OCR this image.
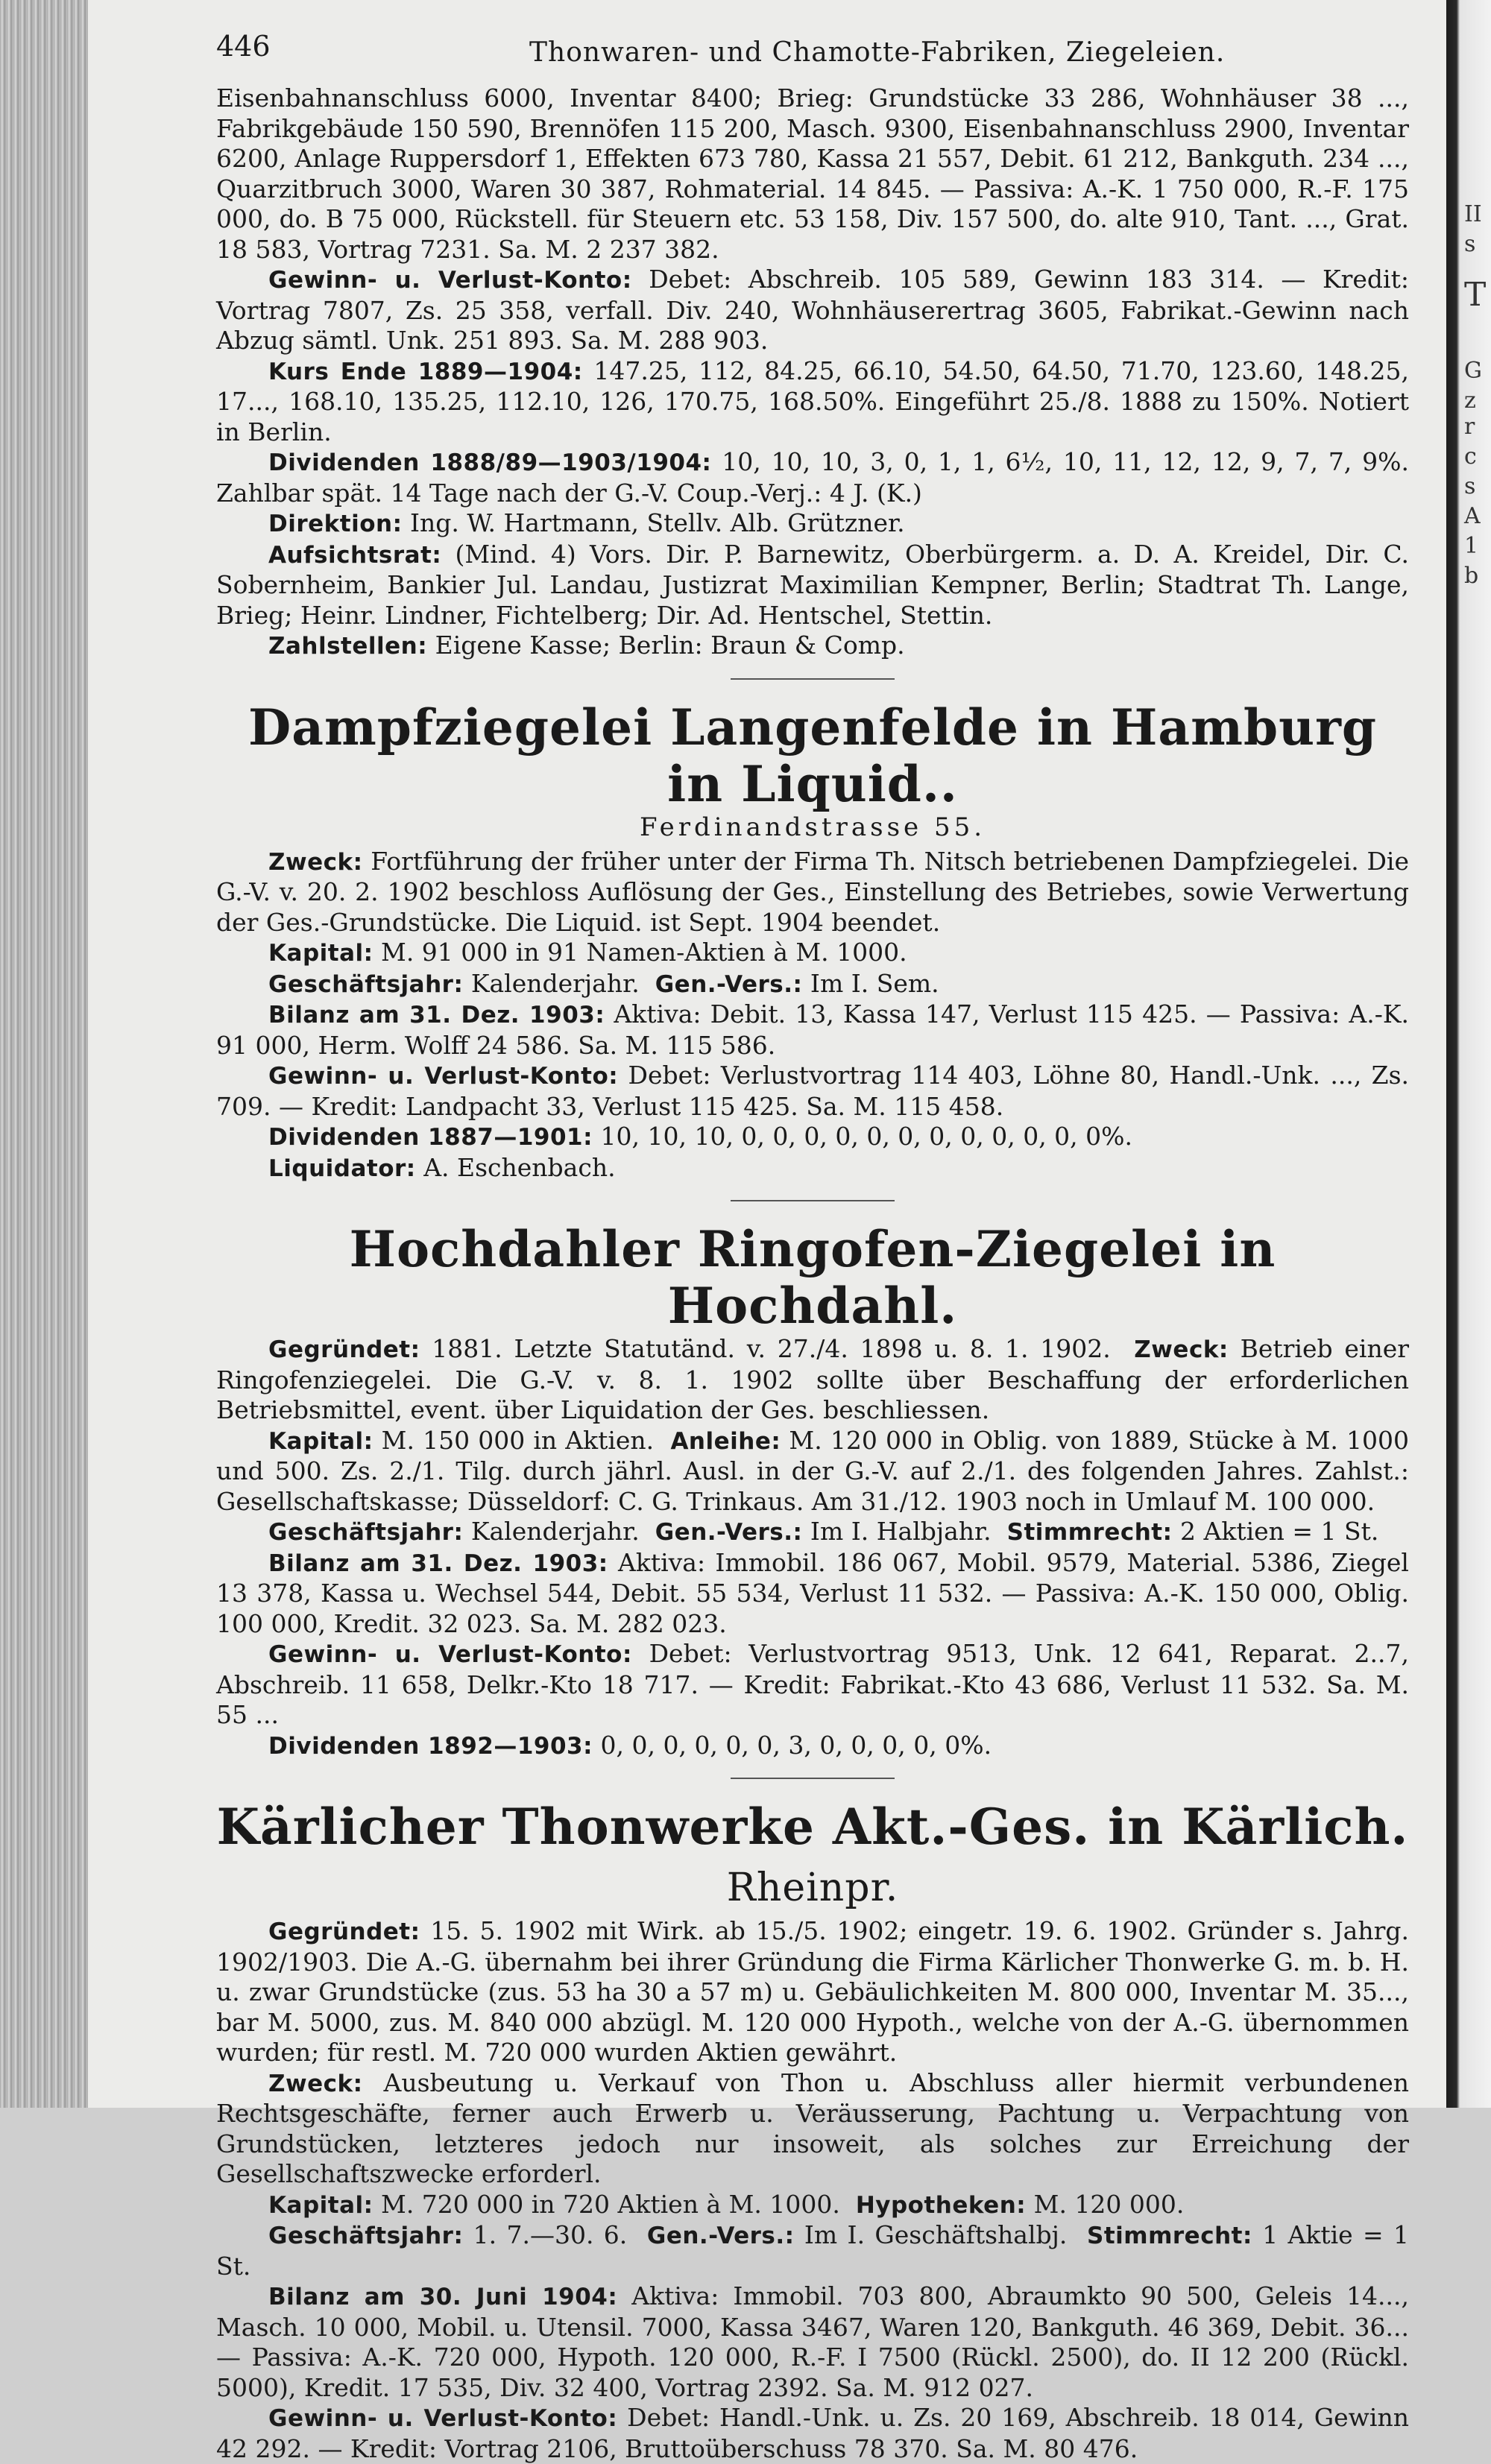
II
s
T
G
z
r
c
s
A
1
b
446	Thonwaren- und Chamotte-Fabriken, Ziegeleien.

Eisenbahnanschluss 6000, Inventar 8400; Brieg: Grundstücke 33 286, Wohnhäuser 38 ..., Fabrikgebäude 150 590, Brennöfen 115 200, Masch. 9300, Eisenbahnanschluss 2900, Inventar 6200, Anlage Ruppersdorf 1, Effekten 673 780, Kassa 21 557, Debit. 61 212, Bankguth. 234 ..., Quarzitbruch 3000, Waren 30 387, Rohmaterial. 14 845. — Passiva: A.-K. 1 750 000, R.-F. 175 000, do. B 75 000, Rückstell. für Steuern etc. 53 158, Div. 157 500, do. alte 910, Tant. ..., Grat. 18 583, Vortrag 7231. Sa. M. 2 237 382.

Gewinn- u. Verlust-Konto: Debet: Abschreib. 105 589, Gewinn 183 314. — Kredit: Vortrag 7807, Zs. 25 358, verfall. Div. 240, Wohnhäuserertrag 3605, Fabrikat.-Gewinn nach Abzug sämtl. Unk. 251 893. Sa. M. 288 903.

Kurs Ende 1889—1904: 147.25, 112, 84.25, 66.10, 54.50, 64.50, 71.70, 123.60, 148.25, 17..., 168.10, 135.25, 112.10, 126, 170.75, 168.50%. Eingeführt 25./8. 1888 zu 150%. Notiert in Berlin.

Dividenden 1888/89—1903/1904: 10, 10, 10, 3, 0, 1, 1, 6½, 10, 11, 12, 12, 9, 7, 7, 9%. Zahlbar spät. 14 Tage nach der G.-V. Coup.-Verj.: 4 J. (K.)

Direktion: Ing. W. Hartmann, Stellv. Alb. Grützner.

Aufsichtsrat: (Mind. 4) Vors. Dir. P. Barnewitz, Oberbürgerm. a. D. A. Kreidel, Dir. C. Sobernheim, Bankier Jul. Landau, Justizrat Maximilian Kempner, Berlin; Stadtrat Th. Lange, Brieg; Heinr. Lindner, Fichtelberg; Dir. Ad. Hentschel, Stettin.

Zahlstellen: Eigene Kasse; Berlin: Braun & Comp.

Dampfziegelei Langenfelde in Hamburg in Liquid..

Ferdinandstrasse 55.

Zweck: Fortführung der früher unter der Firma Th. Nitsch betriebenen Dampfziegelei. Die G.-V. v. 20. 2. 1902 beschloss Auflösung der Ges., Einstellung des Betriebes, sowie Verwertung der Ges.-Grundstücke. Die Liquid. ist Sept. 1904 beendet.

Kapital: M. 91 000 in 91 Namen-Aktien à M. 1000.

Geschäftsjahr: Kalenderjahr. Gen.-Vers.: Im I. Sem.

Bilanz am 31. Dez. 1903: Aktiva: Debit. 13, Kassa 147, Verlust 115 425. — Passiva: A.-K. 91 000, Herm. Wolff 24 586. Sa. M. 115 586.

Gewinn- u. Verlust-Konto: Debet: Verlustvortrag 114 403, Löhne 80, Handl.-Unk. ..., Zs. 709. — Kredit: Landpacht 33, Verlust 115 425. Sa. M. 115 458.

Dividenden 1887—1901: 10, 10, 10, 0, 0, 0, 0, 0, 0, 0, 0, 0, 0, 0, 0%.

Liquidator: A. Eschenbach.

Hochdahler Ringofen-Ziegelei in Hochdahl.

Gegründet: 1881. Letzte Statutänd. v. 27./4. 1898 u. 8. 1. 1902. Zweck: Betrieb einer Ringofenziegelei. Die G.-V. v. 8. 1. 1902 sollte über Beschaffung der erforderlichen Betriebsmittel, event. über Liquidation der Ges. beschliessen.

Kapital: M. 150 000 in Aktien. Anleihe: M. 120 000 in Oblig. von 1889, Stücke à M. 1000 und 500. Zs. 2./1. Tilg. durch jährl. Ausl. in der G.-V. auf 2./1. des folgenden Jahres. Zahlst.: Gesellschaftskasse; Düsseldorf: C. G. Trinkaus. Am 31./12. 1903 noch in Umlauf M. 100 000.

Geschäftsjahr: Kalenderjahr. Gen.-Vers.: Im I. Halbjahr. Stimmrecht: 2 Aktien = 1 St.

Bilanz am 31. Dez. 1903: Aktiva: Immobil. 186 067, Mobil. 9579, Material. 5386, Ziegel 13 378, Kassa u. Wechsel 544, Debit. 55 534, Verlust 11 532. — Passiva: A.-K. 150 000, Oblig. 100 000, Kredit. 32 023. Sa. M. 282 023.

Gewinn- u. Verlust-Konto: Debet: Verlustvortrag 9513, Unk. 12 641, Reparat. 2..7, Abschreib. 11 658, Delkr.-Kto 18 717. — Kredit: Fabrikat.-Kto 43 686, Verlust 11 532. Sa. M. 55 ...

Dividenden 1892—1903: 0, 0, 0, 0, 0, 0, 3, 0, 0, 0, 0, 0%.

Kärlicher Thonwerke Akt.-Ges. in Kärlich. Rheinpr.

Gegründet: 15. 5. 1902 mit Wirk. ab 15./5. 1902; eingetr. 19. 6. 1902. Gründer s. Jahrg. 1902/1903. Die A.-G. übernahm bei ihrer Gründung die Firma Kärlicher Thonwerke G. m. b. H. u. zwar Grundstücke (zus. 53 ha 30 a 57 m) u. Gebäulichkeiten M. 800 000, Inventar M. 35..., bar M. 5000, zus. M. 840 000 abzügl. M. 120 000 Hypoth., welche von der A.-G. übernommen wurden; für restl. M. 720 000 wurden Aktien gewährt.

Zweck: Ausbeutung u. Verkauf von Thon u. Abschluss aller hiermit verbundenen Rechtsgeschäfte, ferner auch Erwerb u. Veräusserung, Pachtung u. Verpachtung von Grundstücken, letzteres jedoch nur insoweit, als solches zur Erreichung der Gesellschaftszwecke erforderl.

Kapital: M. 720 000 in 720 Aktien à M. 1000. Hypotheken: M. 120 000.

Geschäftsjahr: 1. 7.—30. 6. Gen.-Vers.: Im I. Geschäftshalbj. Stimmrecht: 1 Aktie = 1 St.

Bilanz am 30. Juni 1904: Aktiva: Immobil. 703 800, Abraumkto 90 500, Geleis 14..., Masch. 10 000, Mobil. u. Utensil. 7000, Kassa 3467, Waren 120, Bankguth. 46 369, Debit. 36... — Passiva: A.-K. 720 000, Hypoth. 120 000, R.-F. I 7500 (Rückl. 2500), do. II 12 200 (Rückl. 5000), Kredit. 17 535, Div. 32 400, Vortrag 2392. Sa. M. 912 027.

Gewinn- u. Verlust-Konto: Debet: Handl.-Unk. u. Zs. 20 169, Abschreib. 18 014, Gewinn 42 292. — Kredit: Vortrag 2106, Bruttoüberschuss 78 370. Sa. M. 80 476.
